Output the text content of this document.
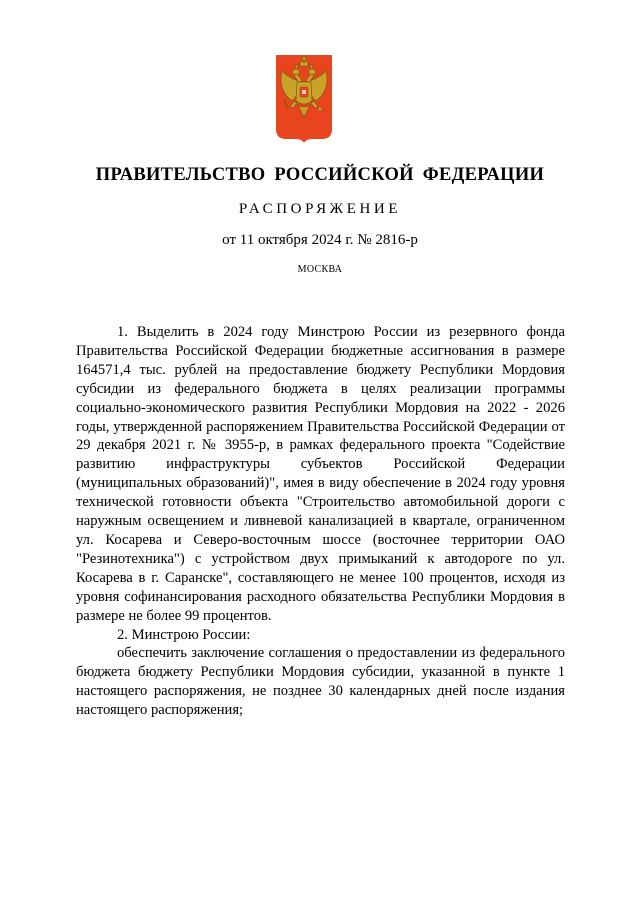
ПРАВИТЕЛЬСТВО РОССИЙСКОЙ ФЕДЕРАЦИИ
РАСПОРЯЖЕНИЕ
от 11 октября 2024 г. № 2816-р
МОСКВА

1. Выделить в 2024 году Минстрою России из резервного фонда Правительства Российской Федерации бюджетные ассигнования в размере 164571,4 тыс. рублей на предоставление бюджету Республики Мордовия субсидии из федерального бюджета в целях реализации программы социально-экономического развития Республики Мордовия на 2022 - 2026 годы, утвержденной распоряжением Правительства Российской Федерации от 29 декабря 2021 г. № 3955-р, в рамках федерального проекта "Содействие развитию инфраструктуры субъектов Российской Федерации (муниципальных образований)", имея в виду обеспечение в 2024 году уровня технической готовности объекта "Строительство автомобильной дороги с наружным освещением и ливневой канализацией в квартале, ограниченном ул. Косарева и Северо-восточным шоссе (восточнее территории ОАО "Резинотехника") с устройством двух примыканий к автодороге по ул. Косарева в г. Саранске", составляющего не менее 100 процентов, исходя из уровня софинансирования расходного обязательства Республики Мордовия в размере не более 99 процентов.

2. Минстрою России:

обеспечить заключение соглашения о предоставлении из федерального бюджета бюджету Республики Мордовия субсидии, указанной в пункте 1 настоящего распоряжения, не позднее 30 календарных дней после издания настоящего распоряжения;
